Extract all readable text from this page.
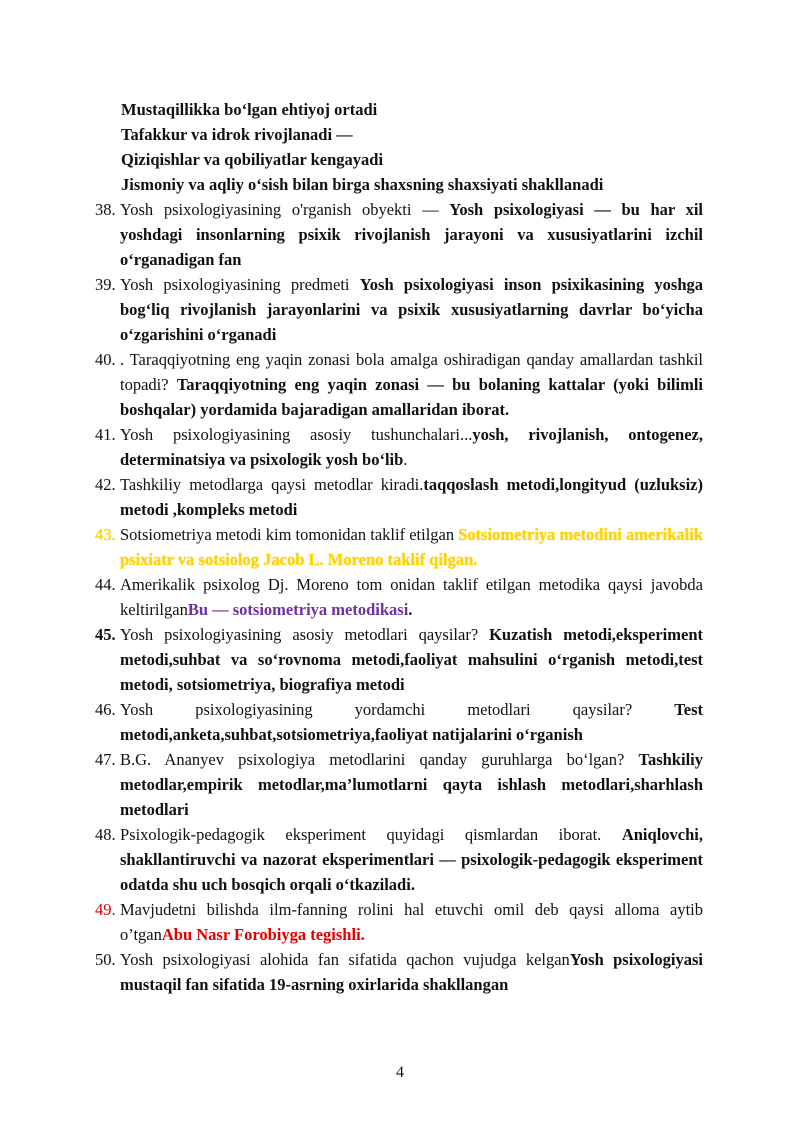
Mustaqillikka bo‘lgan ehtiyoj ortadi
Tafakkur va idrok rivojlanadi —
Qiziqishlar va qobiliyatlar kengayadi
Jismoniy va aqliy o‘sish bilan birga shaxsning shaxsiyati shakllanadi
38. Yosh psixologiyasining o'rganish obyekti — Yosh psixologiyasi — bu har xil yoshdagi insonlarning psixik rivojlanish jarayoni va xususiyatlarini izchil o‘rganadigan fan
39. Yosh psixologiyasining predmeti Yosh psixologiyasi inson psixikasining yoshga bog‘liq rivojlanish jarayonlarini va psixik xususiyatlarning davrlar bo‘yicha o‘zgarishini o‘rganadi
40. . Taraqqiyotning eng yaqin zonasi bola amalga oshiradigan qanday amallardan tashkil topadi? Taraqqiyotning eng yaqin zonasi — bu bolaning kattalar (yoki bilimli boshqalar) yordamida bajaradigan amallaridan iborat.
41. Yosh psixologiyasining asosiy tushunchalari...yosh, rivojlanish, ontogenez, determinatsiya va psixologik yosh bo‘lib.
42. Tashkiliy metodlarga qaysi metodlar kiradi.taqqoslash metodi,longityud (uzluksiz) metodi ,kompleks metodi
43. Sotsiometriya metodi kim tomonidan taklif etilgan Sotsiometriya metodini amerikalik psixiatr va sotsiolog Jacob L. Moreno taklif qilgan.
44. Amerikalik psixolog Dj. Moreno tom onidan taklif etilgan metodika qaysi javobda keltirilganBu — sotsiometriya metodikasi.
45. Yosh psixologiyasining asosiy metodlari qaysilar? Kuzatish metodi,eksperiment metodi,suhbat va so‘rovnoma metodi,faoliyat mahsulini o‘rganish metodi,test metodi, sotsiometriya, biografiya metodi
46. Yosh psixologiyasining yordamchi metodlari qaysilar? Test metodi,anketa,suhbat,sotsiometriya,faoliyat natijalarini o‘rganish
47. B.G. Ananyev psixologiya metodlarini qanday guruhlarga bo‘lgan? Tashkiliy metodlar,empirik metodlar,ma’lumotlarni qayta ishlash metodlari,sharhlash metodlari
48. Psixologik-pedagogik eksperiment quyidagi qismlardan iborat. Aniqlovchi, shakllantiruvchi va nazorat eksperimentlari — psixologik-pedagogik eksperiment odatda shu uch bosqich orqali o‘tkaziladi.
49. Mavjudetni bilishda ilm-fanning rolini hal etuvchi omil deb qaysi alloma aytib o’tganAbu Nasr Forobiyga tegishli.
50. Yosh psixologiyasi alohida fan sifatida qachon vujudga kelganYosh psixologiyasi mustaqil fan sifatida 19-asrning oxirlarida shakllangan
4
